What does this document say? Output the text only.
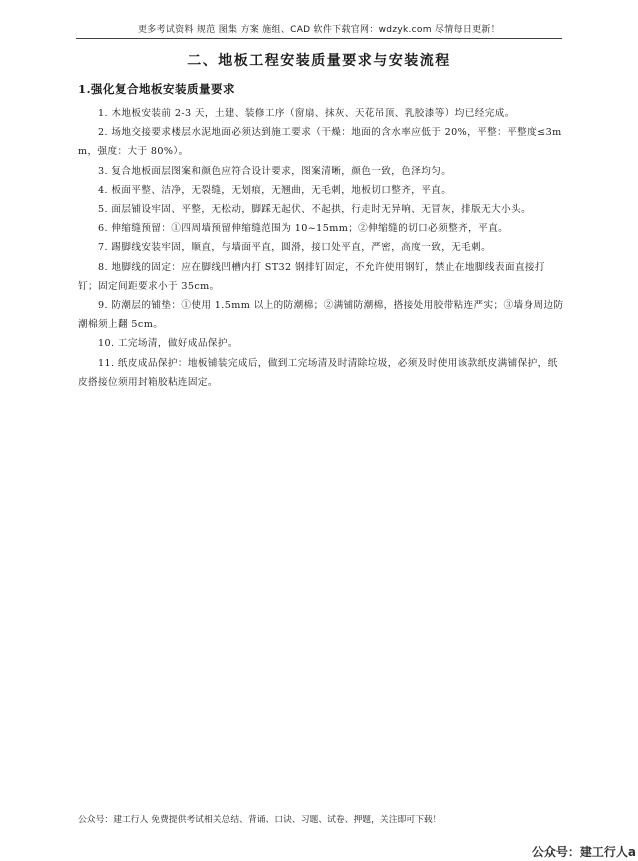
更多考试资料 规范 图集 方案 施组、CAD 软件下载官网：wdzyk.com 尽情每日更新！
二、地板工程安装质量要求与安装流程
1.强化复合地板安装质量要求

1. 木地板安装前 2-3 天，土建、装修工序（窗扇、抹灰、天花吊顶、乳胶漆等）均已经完成。

2. 场地交接要求楼层水泥地面必须达到施工要求（干燥：地面的含水率应低于 20%，平整：平整度≤3mm，强度：大于 80%）。

3. 复合地板面层图案和颜色应符合设计要求，图案清晰，颜色一致，色泽均匀。

4. 板面平整、洁净，无裂缝，无划痕，无翘曲，无毛刺，地板切口整齐，平直。

5. 面层铺设牢固、平整，无松动，脚踩无起伏、不起拱，行走时无异响、无冒灰，排版无大小头。

6. 伸缩缝预留：①四周墙预留伸缩缝范围为 10~15mm；②伸缩缝的切口必须整齐，平直。

7. 踢脚线安装牢固，顺直，与墙面平直，圆滑，接口处平直，严密，高度一致，无毛刺。

8. 地脚线的固定：应在脚线凹槽内打 ST32 钢排钉固定，不允许使用钢钉，禁止在地脚线表面直接打钉；固定间距要求小于 35cm。

9. 防潮层的铺垫：①使用 1.5mm 以上的防潮棉；②满铺防潮棉，搭接处用胶带粘连严实；③墙身周边防潮棉须上翻 5cm。

10. 工完场清，做好成品保护。

11. 纸皮成品保护：地板铺装完成后，做到工完场清及时清除垃圾，必须及时使用该款纸皮满铺保护，纸皮搭接位须用封箱胶粘连固定。

公众号：建工行人 免费提供考试相关总结、背诵、口诀、习题、试卷、押题，关注即可下载！
公众号：建工行人a
